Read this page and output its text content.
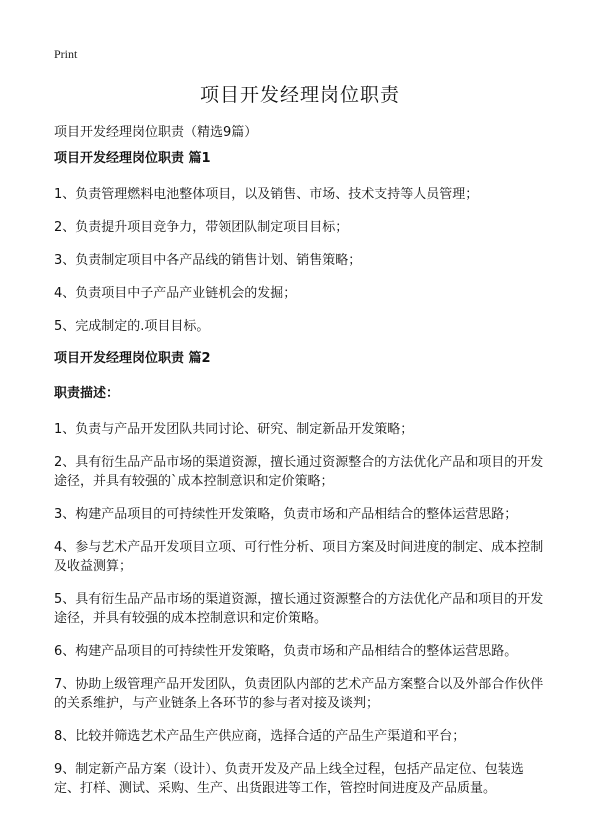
Print
项目开发经理岗位职责

项目开发经理岗位职责（精选9篇）

项目开发经理岗位职责 篇1

1、负责管理燃料电池整体项目，以及销售、市场、技术支持等人员管理；

2、负责提升项目竞争力，带领团队制定项目目标；

3、负责制定项目中各产品线的销售计划、销售策略；

4、负责项目中子产品产业链机会的发掘；

5、完成制定的.项目目标。

项目开发经理岗位职责 篇2

职责描述：

1、负责与产品开发团队共同讨论、研究、制定新品开发策略；

2、具有衍生品产品市场的渠道资源，擅长通过资源整合的方法优化产品和项目的开发途径，并具有较强的`成本控制意识和定价策略；

3、构建产品项目的可持续性开发策略，负责市场和产品相结合的整体运营思路；

4、参与艺术产品开发项目立项、可行性分析、项目方案及时间进度的制定、成本控制及收益测算；

5、具有衍生品产品市场的渠道资源，擅长通过资源整合的方法优化产品和项目的开发途径，并具有较强的成本控制意识和定价策略。

6、构建产品项目的可持续性开发策略，负责市场和产品相结合的整体运营思路。

7、协助上级管理产品开发团队，负责团队内部的艺术产品方案整合以及外部合作伙伴的关系维护，与产业链条上各环节的参与者对接及谈判；

8、比较并筛选艺术产品生产供应商，选择合适的产品生产渠道和平台；

9、制定新产品方案（设计）、负责开发及产品上线全过程，包括产品定位、包装选定、打样、测试、采购、生产、出货跟进等工作，管控时间进度及产品质量。
